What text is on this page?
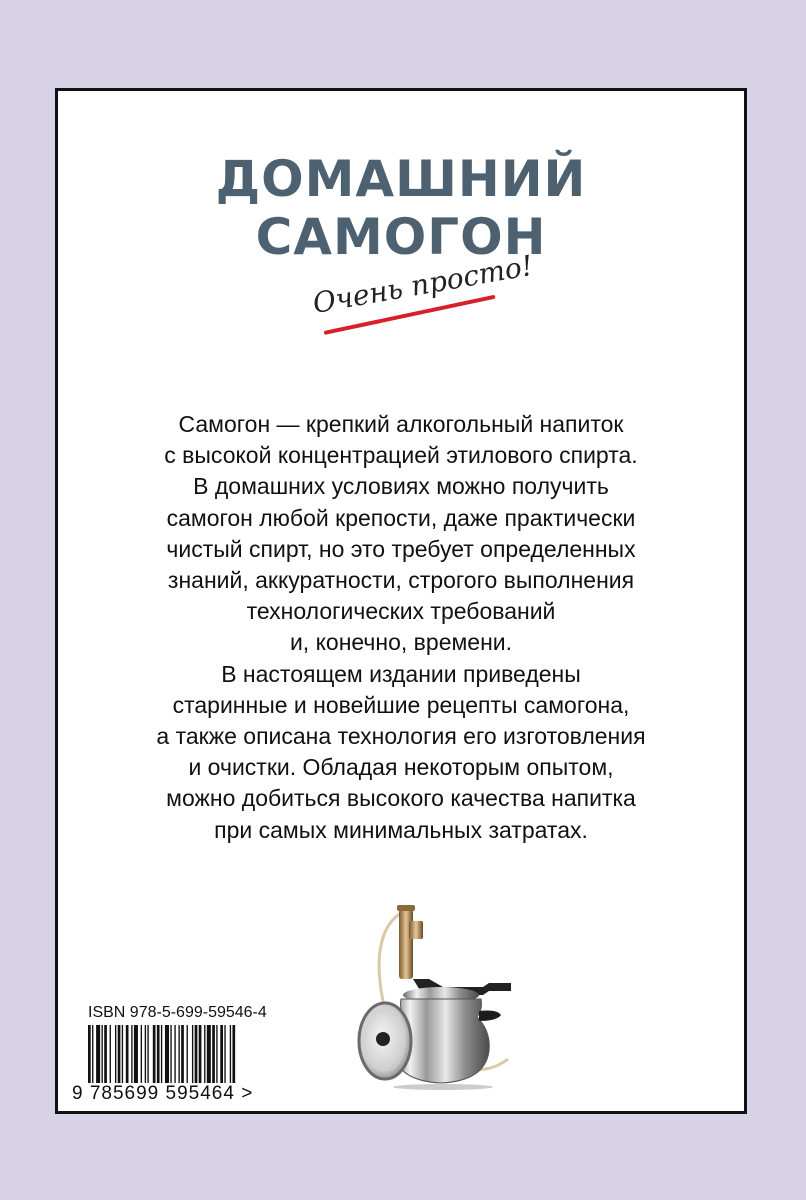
ДОМАШНИЙ
САМОГОН
Очень просто!

Самогон — крепкий алкогольный напиток
с высокой концентрацией этилового спирта.
В домашних условиях можно получить
самогон любой крепости, даже практически
чистый спирт, но это требует определенных
знаний, аккуратности, строгого выполнения
технологических требований
и, конечно, времени.
В настоящем издании приведены
старинные и новейшие рецепты самогона,
а также описана технология его изготовления
и очистки. Обладая некоторым опытом,
можно добиться высокого качества напитка
при самых минимальных затратах.

ISBN 978-5-699-59546-4
9 785699 595464 >
